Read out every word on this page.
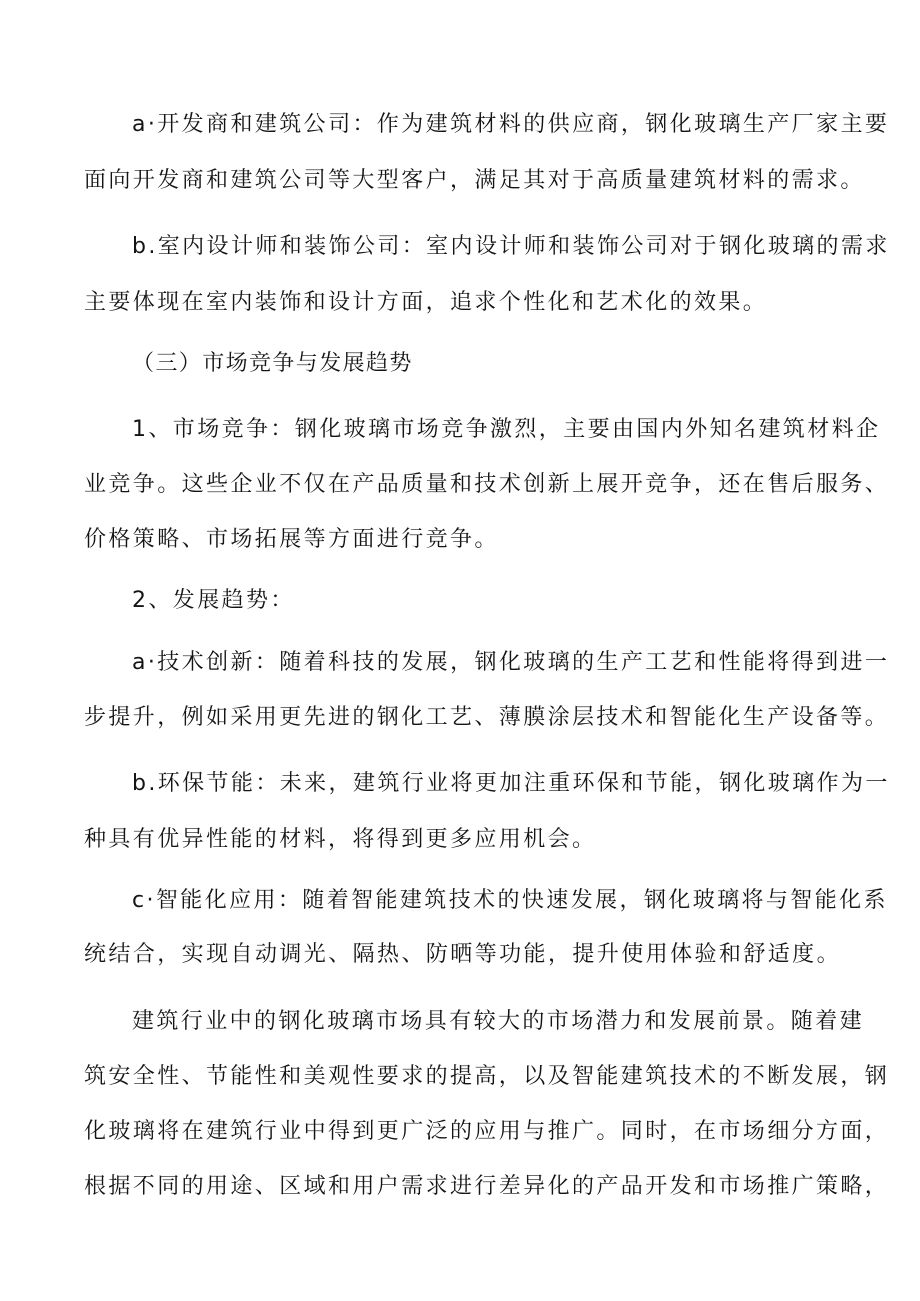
a·开发商和建筑公司：作为建筑材料的供应商，钢化玻璃生产厂家主要

面向开发商和建筑公司等大型客户，满足其对于高质量建筑材料的需求。

b.室内设计师和装饰公司：室内设计师和装饰公司对于钢化玻璃的需求

主要体现在室内装饰和设计方面，追求个性化和艺术化的效果。

（三）市场竞争与发展趋势

1、市场竞争：钢化玻璃市场竞争激烈，主要由国内外知名建筑材料企

业竞争。这些企业不仅在产品质量和技术创新上展开竞争，还在售后服务、

价格策略、市场拓展等方面进行竞争。

2、发展趋势：

a·技术创新：随着科技的发展，钢化玻璃的生产工艺和性能将得到进一

步提升，例如采用更先进的钢化工艺、薄膜涂层技术和智能化生产设备等。

b.环保节能：未来，建筑行业将更加注重环保和节能，钢化玻璃作为一

种具有优异性能的材料，将得到更多应用机会。

c·智能化应用：随着智能建筑技术的快速发展，钢化玻璃将与智能化系

统结合，实现自动调光、隔热、防晒等功能，提升使用体验和舒适度。

建筑行业中的钢化玻璃市场具有较大的市场潜力和发展前景。随着建

筑安全性、节能性和美观性要求的提高，以及智能建筑技术的不断发展，钢

化玻璃将在建筑行业中得到更广泛的应用与推广。同时，在市场细分方面，

根据不同的用途、区域和用户需求进行差异化的产品开发和市场推广策略，
